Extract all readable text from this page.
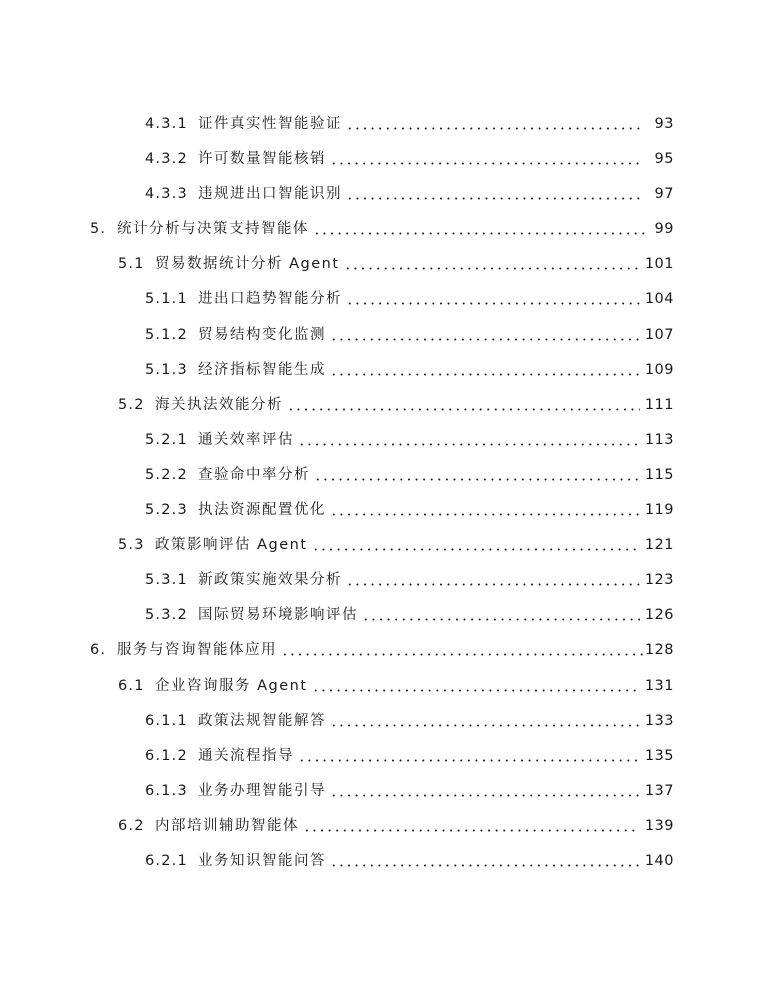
4.3.1 证件真实性智能验证	93
4.3.2 许可数量智能核销	95
4.3.3 违规进出口智能识别	97
5. 统计分析与决策支持智能体	99
5.1 贸易数据统计分析 Agent	101
5.1.1 进出口趋势智能分析	104
5.1.2 贸易结构变化监测	107
5.1.3 经济指标智能生成	109
5.2 海关执法效能分析	111
5.2.1 通关效率评估	113
5.2.2 查验命中率分析	115
5.2.3 执法资源配置优化	119
5.3 政策影响评估 Agent	121
5.3.1 新政策实施效果分析	123
5.3.2 国际贸易环境影响评估	126
6. 服务与咨询智能体应用	128
6.1 企业咨询服务 Agent	131
6.1.1 政策法规智能解答	133
6.1.2 通关流程指导	135
6.1.3 业务办理智能引导	137
6.2 内部培训辅助智能体	139
6.2.1 业务知识智能问答	140
